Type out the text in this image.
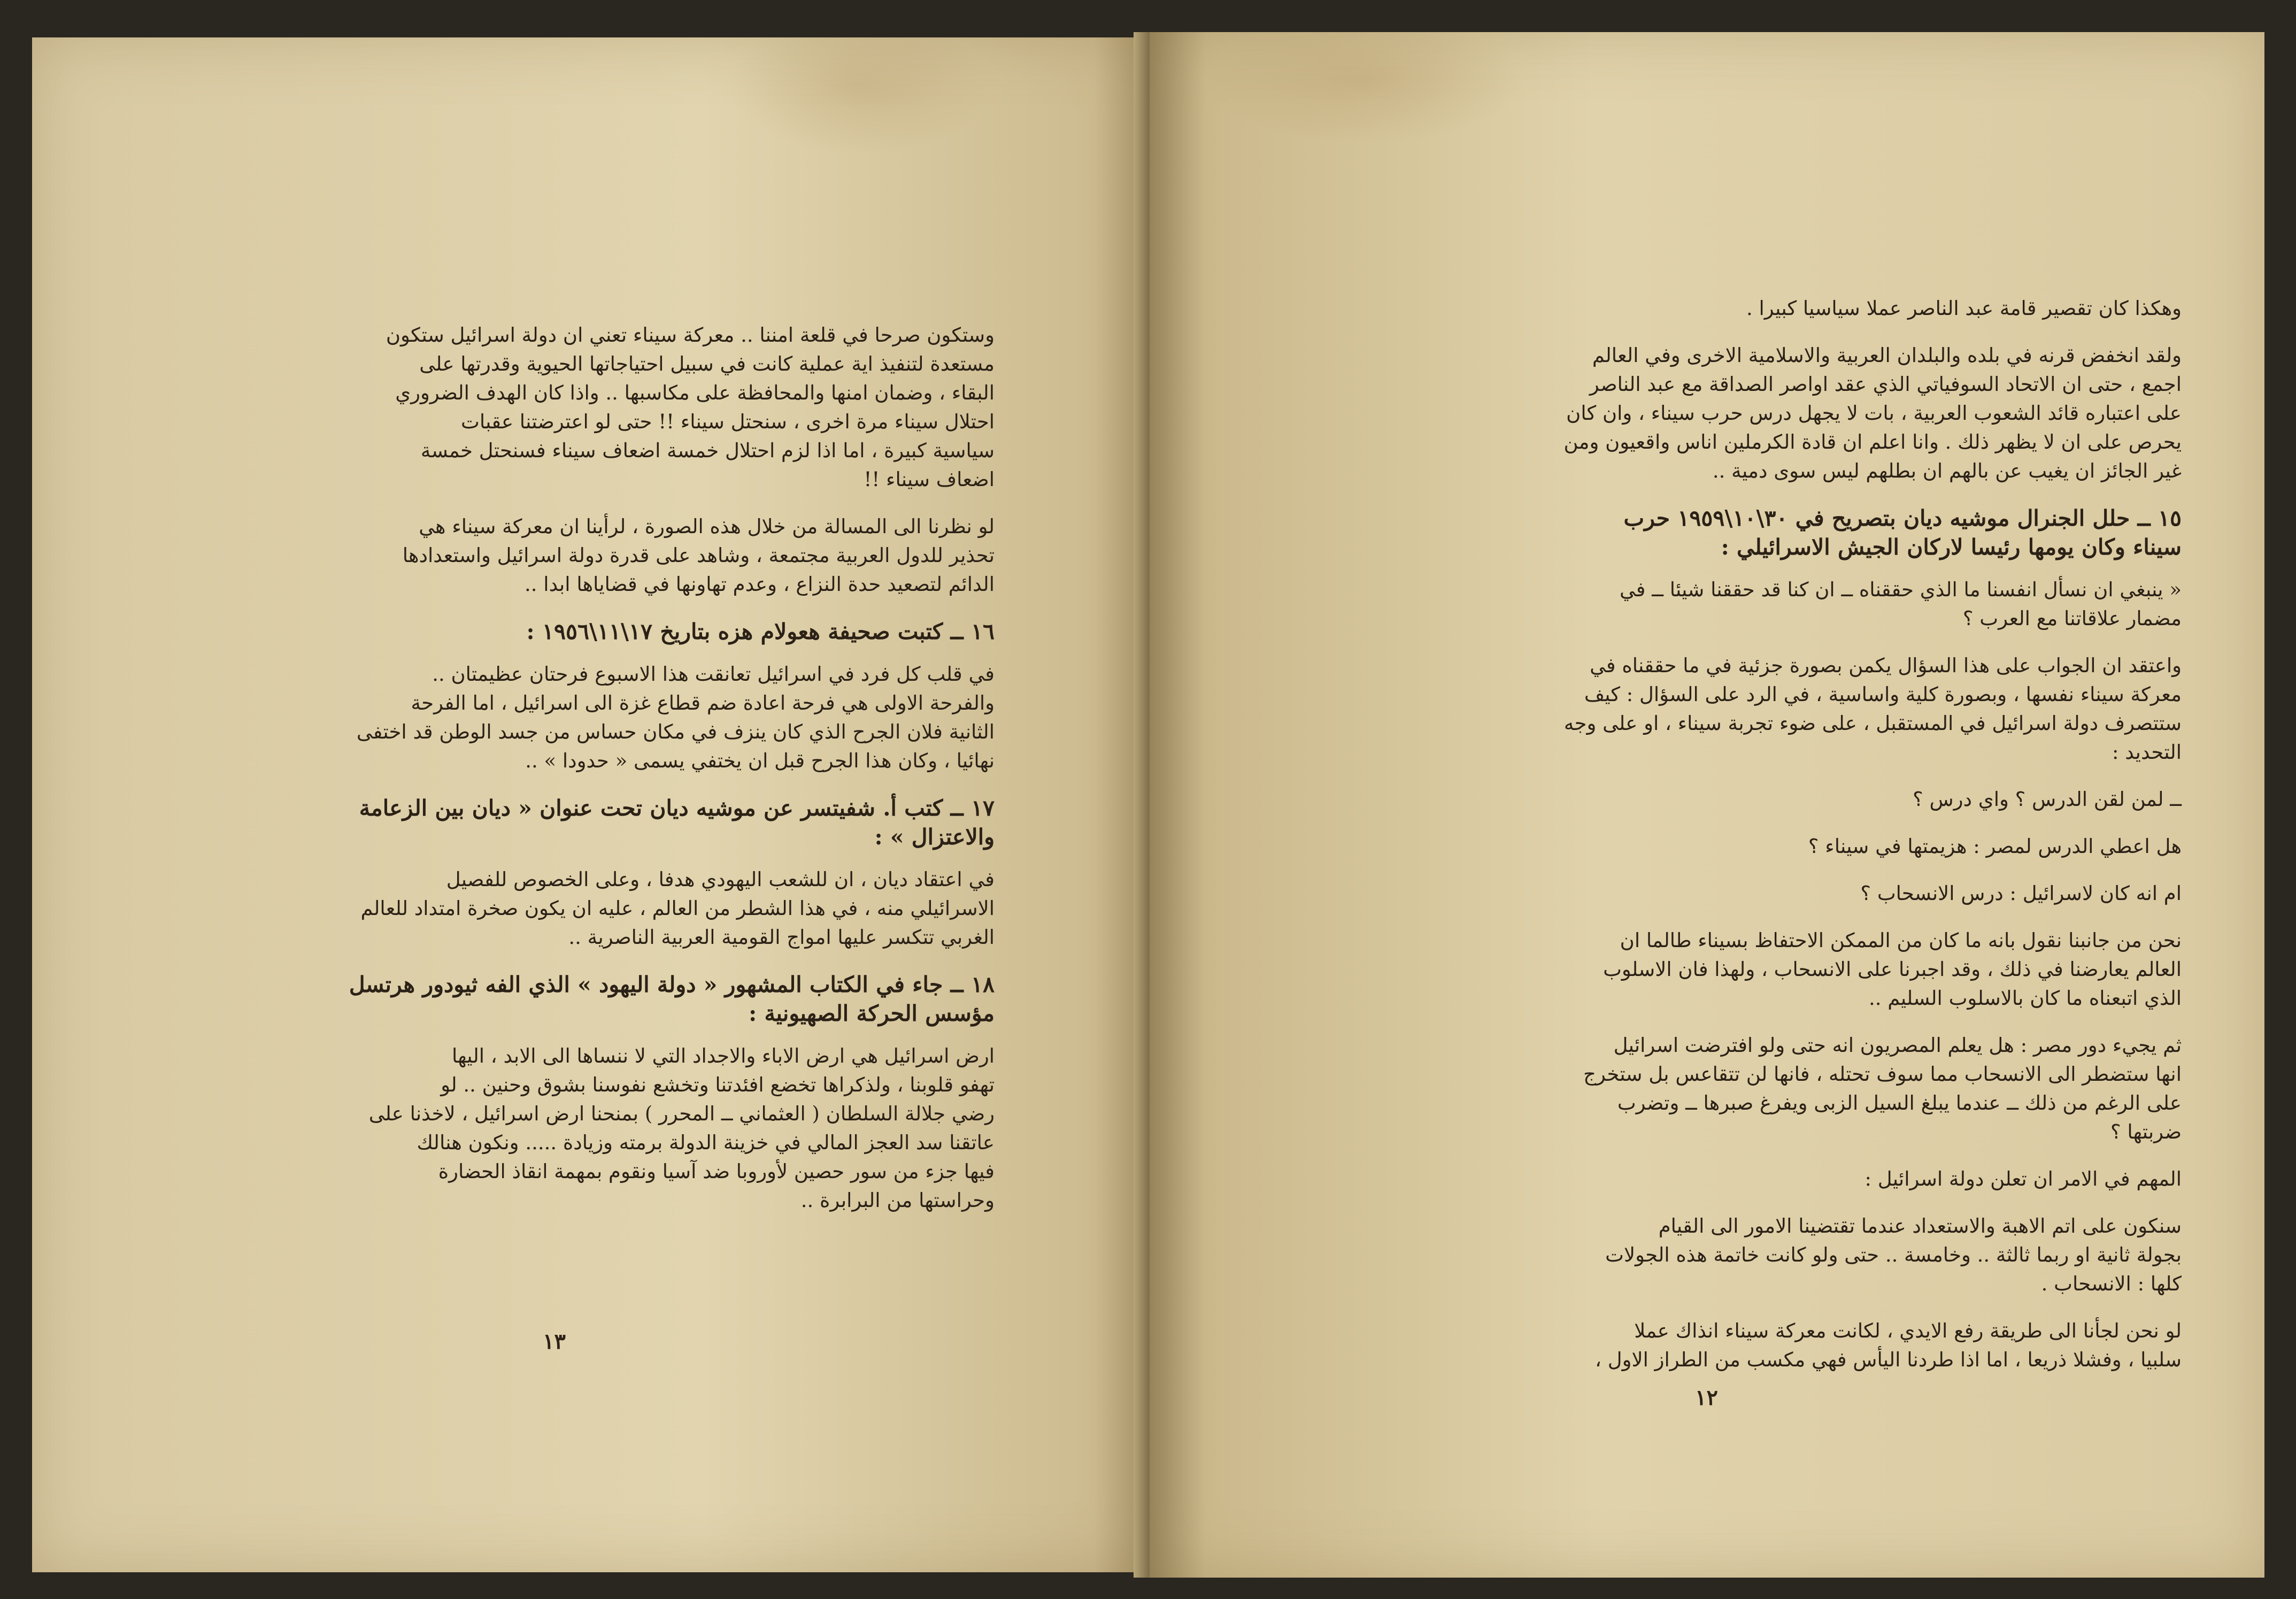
وستكون صرحا في قلعة امننا .. معركة سيناء تعني ان دولة اسرائيل ستكون
مستعدة لتنفيذ اية عملية كانت في سبيل احتياجاتها الحيوية وقدرتها على
البقاء ، وضمان امنها والمحافظة على مكاسبها .. واذا كان الهدف الضروري
احتلال سيناء مرة اخرى ، سنحتل سيناء !! حتى لو اعترضتنا عقبات
سياسية كبيرة ، اما اذا لزم احتلال خمسة اضعاف سيناء فسنحتل خمسة
اضعاف سيناء !!
لو نظرنا الى المسالة من خلال هذه الصورة ، لرأينا ان معركة سيناء هي
تحذير للدول العربية مجتمعة ، وشاهد على قدرة دولة اسرائيل واستعدادها
الدائم لتصعيد حدة النزاع ، وعدم تهاونها في قضاياها ابدا ..
١٦ ــ كتبت صحيفة هعولام هزه بتاريخ ١٧\١١\١٩٥٦ :
في قلب كل فرد في اسرائيل تعانقت هذا الاسبوع فرحتان عظيمتان ..
والفرحة الاولى هي فرحة اعادة ضم قطاع غزة الى اسرائيل ، اما الفرحة
الثانية فلان الجرح الذي كان ينزف في مكان حساس من جسد الوطن قد اختفى
نهائيا ، وكان هذا الجرح قبل ان يختفي يسمى « حدودا » ..
١٧ ــ كتب أ. شفيتسر عن موشيه ديان تحت عنوان « ديان بين الزعامة
والاعتزال » :
في اعتقاد ديان ، ان للشعب اليهودي هدفا ، وعلى الخصوص للفصيل
الاسرائيلي منه ، في هذا الشطر من العالم ، عليه ان يكون صخرة امتداد للعالم
الغربي تتكسر عليها امواج القومية العربية الناصرية ..
١٨ ــ جاء في الكتاب المشهور « دولة اليهود » الذي الفه ثيودور هرتسل
مؤسس الحركة الصهيونية :
ارض اسرائيل هي ارض الاباء والاجداد التي لا ننساها الى الابد ، اليها
تهفو قلوبنا ، ولذكراها تخضع افئدتنا وتخشع نفوسنا بشوق وحنين .. لو
رضي جلالة السلطان ( العثماني ــ المحرر ) بمنحنا ارض اسرائيل ، لاخذنا على
عاتقنا سد العجز المالي في خزينة الدولة برمته وزيادة ..... ونكون هنالك
فيها جزء من سور حصين لأوروبا ضد آسيا ونقوم بمهمة انقاذ الحضارة
وحراستها من البرابرة ..
١٣
وهكذا كان تقصير قامة عبد الناصر عملا سياسيا كبيرا .
ولقد انخفض قرنه في بلده والبلدان العربية والاسلامية الاخرى وفي العالم
اجمع ، حتى ان الاتحاد السوفياتي الذي عقد اواصر الصداقة مع عبد الناصر
على اعتباره قائد الشعوب العربية ، بات لا يجهل درس حرب سيناء ، وان كان
يحرص على ان لا يظهر ذلك . وانا اعلم ان قادة الكرملين اناس واقعيون ومن
غير الجائز ان يغيب عن بالهم ان بطلهم ليس سوى دمية ..
١٥ ــ حلل الجنرال موشيه ديان بتصريح في ٣٠\١٠\١٩٥٩ حرب
سيناء وكان يومها رئيسا لاركان الجيش الاسرائيلي :
« ينبغي ان نسأل انفسنا ما الذي حققناه ــ ان كنا قد حققنا شيئا ــ في
مضمار علاقاتنا مع العرب ؟
واعتقد ان الجواب على هذا السؤال يكمن بصورة جزئية في ما حققناه في
معركة سيناء نفسها ، وبصورة كلية واساسية ، في الرد على السؤال : كيف
ستتصرف دولة اسرائيل في المستقبل ، على ضوء تجربة سيناء ، او على وجه
التحديد :
ــ لمن لقن الدرس ؟ واي درس ؟
هل اعطي الدرس لمصر : هزيمتها في سيناء ؟
ام انه كان لاسرائيل : درس الانسحاب ؟
نحن من جانبنا نقول بانه ما كان من الممكن الاحتفاظ بسيناء طالما ان
العالم يعارضنا في ذلك ، وقد اجبرنا على الانسحاب ، ولهذا فان الاسلوب
الذي اتبعناه ما كان بالاسلوب السليم ..
ثم يجيء دور مصر : هل يعلم المصريون انه حتى ولو افترضت اسرائيل
انها ستضطر الى الانسحاب مما سوف تحتله ، فانها لن تتقاعس بل ستخرج
على الرغم من ذلك ــ عندما يبلغ السيل الزبى ويفرغ صبرها ــ وتضرب
ضربتها ؟
المهم في الامر ان تعلن دولة اسرائيل :
سنكون على اتم الاهبة والاستعداد عندما تقتضينا الامور الى القيام
بجولة ثانية او ربما ثالثة .. وخامسة .. حتى ولو كانت خاتمة هذه الجولات
كلها : الانسحاب .
لو نحن لجأنا الى طريقة رفع الايدي ، لكانت معركة سيناء انذاك عملا
سلبيا ، وفشلا ذريعا ، اما اذا طردنا اليأس فهي مكسب من الطراز الاول ،
١٢
